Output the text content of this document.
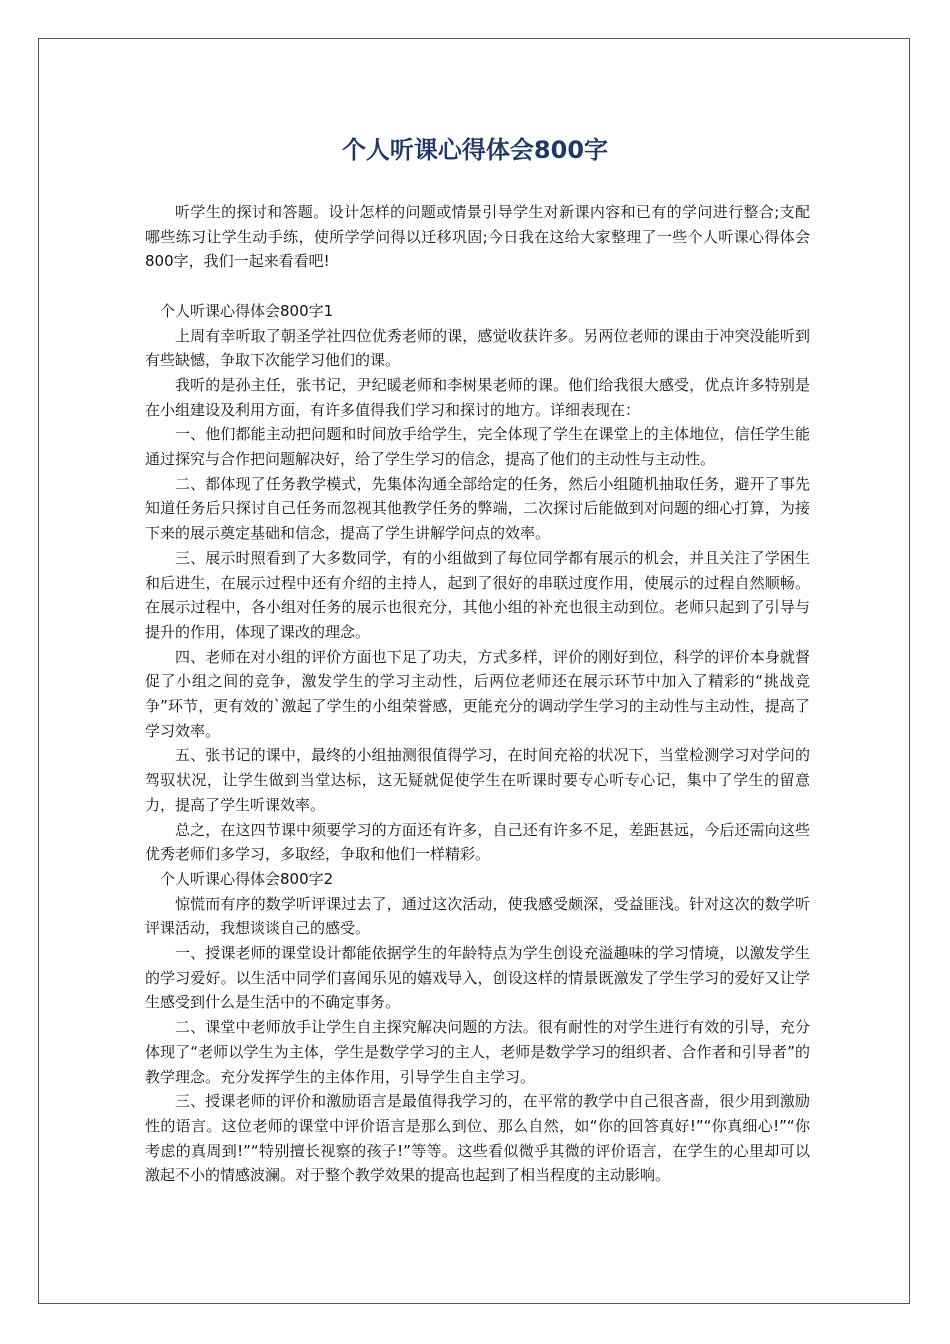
个人听课心得体会800字

听学生的探讨和答题。设计怎样的问题或情景引导学生对新课内容和已有的学问进行整合;支配哪些练习让学生动手练，使所学学问得以迁移巩固;今日我在这给大家整理了一些个人听课心得体会800字，我们一起来看看吧!

个人听课心得体会800字1

上周有幸听取了朝圣学社四位优秀老师的课，感觉收获许多。另两位老师的课由于冲突没能听到有些缺憾，争取下次能学习他们的课。

我听的是孙主任，张书记，尹纪暖老师和李树果老师的课。他们给我很大感受，优点许多特别是在小组建设及利用方面，有许多值得我们学习和探讨的地方。详细表现在：

一、他们都能主动把问题和时间放手给学生，完全体现了学生在课堂上的主体地位，信任学生能通过探究与合作把问题解决好，给了学生学习的信念，提高了他们的主动性与主动性。

二、都体现了任务教学模式，先集体沟通全部给定的任务，然后小组随机抽取任务，避开了事先知道任务后只探讨自己任务而忽视其他教学任务的弊端，二次探讨后能做到对问题的细心打算，为接下来的展示奠定基础和信念，提高了学生讲解学问点的效率。

三、展示时照看到了大多数同学，有的小组做到了每位同学都有展示的机会，并且关注了学困生和后进生，在展示过程中还有介绍的主持人，起到了很好的串联过度作用，使展示的过程自然顺畅。在展示过程中，各小组对任务的展示也很充分，其他小组的补充也很主动到位。老师只起到了引导与提升的作用，体现了课改的理念。

四、老师在对小组的评价方面也下足了功夫，方式多样，评价的刚好到位，科学的评价本身就督促了小组之间的竞争，激发学生的学习主动性，后两位老师还在展示环节中加入了精彩的“挑战竞争”环节，更有效的`激起了学生的小组荣誉感，更能充分的调动学生学习的主动性与主动性，提高了学习效率。

五、张书记的课中，最终的小组抽测很值得学习，在时间充裕的状况下，当堂检测学习对学问的驾驭状况，让学生做到当堂达标，这无疑就促使学生在听课时要专心听专心记，集中了学生的留意力，提高了学生听课效率。

总之，在这四节课中须要学习的方面还有许多，自己还有许多不足，差距甚远，今后还需向这些优秀老师们多学习，多取经，争取和他们一样精彩。

个人听课心得体会800字2

惊慌而有序的数学听评课过去了，通过这次活动，使我感受颇深，受益匪浅。针对这次的数学听评课活动，我想谈谈自己的感受。

一、授课老师的课堂设计都能依据学生的年龄特点为学生创设充溢趣味的学习情境，以激发学生的学习爱好。以生活中同学们喜闻乐见的嬉戏导入，创设这样的情景既激发了学生学习的爱好又让学生感受到什么是生活中的不确定事务。

二、课堂中老师放手让学生自主探究解决问题的方法。很有耐性的对学生进行有效的引导，充分体现了“老师以学生为主体，学生是数学学习的主人，老师是数学学习的组织者、合作者和引导者”的教学理念。充分发挥学生的主体作用，引导学生自主学习。

三、授课老师的评价和激励语言是最值得我学习的，在平常的教学中自己很吝啬，很少用到激励性的语言。这位老师的课堂中评价语言是那么到位、那么自然，如“你的回答真好!”“你真细心!”“你考虑的真周到!”“特别擅长视察的孩子!”等等。这些看似微乎其微的评价语言，在学生的心里却可以激起不小的情感波澜。对于整个教学效果的提高也起到了相当程度的主动影响。
